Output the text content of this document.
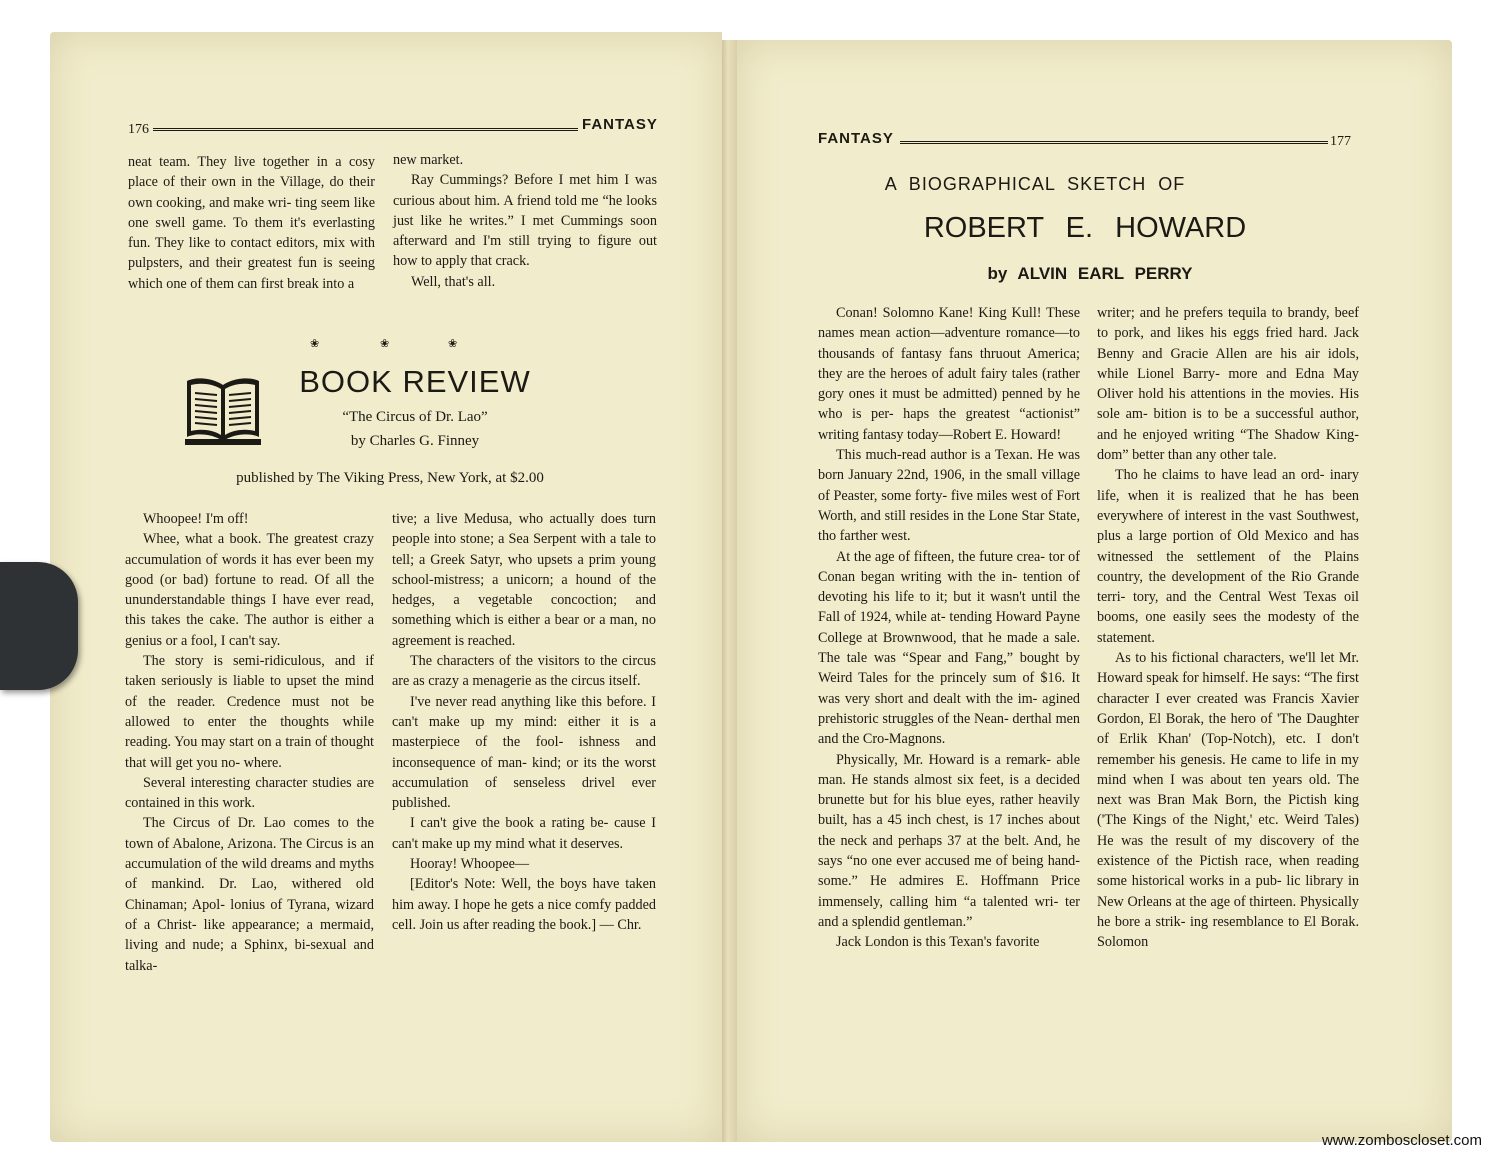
176	FANTASY

neat team. They live together in a cosy place of their own in the Village, do their own cooking, and make wri- ting seem like one swell game. To them it's everlasting fun. They like to contact editors, mix with pulpsters, and their greatest fun is seeing which one of them can first break into a

new market.

Ray Cummings? Before I met him I was curious about him. A friend told me “he looks just like he writes.” I met Cummings soon afterward and I'm still trying to figure out how to apply that crack.

Well, that's all.

❀	❀	❀
BOOK REVIEW
“The Circus of Dr. Lao”
by Charles G. Finney
published by The Viking Press, New York, at $2.00

Whoopee! I'm off!

Whee, what a book. The greatest crazy accumulation of words it has ever been my good (or bad) fortune to read. Of all the ununderstandable things I have ever read, this takes the cake. The author is either a genius or a fool, I can't say.

The story is semi-ridiculous, and if taken seriously is liable to upset the mind of the reader. Credence must not be allowed to enter the thoughts while reading. You may start on a train of thought that will get you no- where.

Several interesting character studies are contained in this work.

The Circus of Dr. Lao comes to the town of Abalone, Arizona. The Circus is an accumulation of the wild dreams and myths of mankind. Dr. Lao, withered old Chinaman; Apol- lonius of Tyrana, wizard of a Christ- like appearance; a mermaid, living and nude; a Sphinx, bi-sexual and talka-

tive; a live Medusa, who actually does turn people into stone; a Sea Serpent with a tale to tell; a Greek Satyr, who upsets a prim young school-mistress; a unicorn; a hound of the hedges, a vegetable concoction; and something which is either a bear or a man, no agreement is reached.

The characters of the visitors to the circus are as crazy a menagerie as the circus itself.

I've never read anything like this before. I can't make up my mind: either it is a masterpiece of the fool- ishness and inconsequence of man- kind; or its the worst accumulation of senseless drivel ever published.

I can't give the book a rating be- cause I can't make up my mind what it deserves.

Hooray! Whoopee—

[Editor's Note: Well, the boys have taken him away. I hope he gets a nice comfy padded cell. Join us after reading the book.] — Chr.

FANTASY	177
A BIOGRAPHICAL SKETCH OF
ROBERT E. HOWARD
by ALVIN EARL PERRY

Conan! Solomno Kane! King Kull! These names mean action—adventure romance—to thousands of fantasy fans thruout America; they are the heroes of adult fairy tales (rather gory ones it must be admitted) penned by he who is per- haps the greatest “actionist” writing fantasy today—Robert E. Howard!

This much-read author is a Texan. He was born January 22nd, 1906, in the small village of Peaster, some forty- five miles west of Fort Worth, and still resides in the Lone Star State, tho farther west.

At the age of fifteen, the future crea- tor of Conan began writing with the in- tention of devoting his life to it; but it wasn't until the Fall of 1924, while at- tending Howard Payne College at Brownwood, that he made a sale. The tale was “Spear and Fang,” bought by Weird Tales for the princely sum of $16. It was very short and dealt with the im- agined prehistoric struggles of the Nean- derthal men and the Cro-Magnons.

Physically, Mr. Howard is a remark- able man. He stands almost six feet, is a decided brunette but for his blue eyes, rather heavily built, has a 45 inch chest, is 17 inches about the neck and perhaps 37 at the belt. And, he says “no one ever accused me of being hand- some.” He admires E. Hoffmann Price immensely, calling him “a talented wri- ter and a splendid gentleman.”

Jack London is this Texan's favorite

writer; and he prefers tequila to brandy, beef to pork, and likes his eggs fried hard. Jack Benny and Gracie Allen are his air idols, while Lionel Barry- more and Edna May Oliver hold his attentions in the movies. His sole am- bition is to be a successful author, and he enjoyed writing “The Shadow King- dom” better than any other tale.

Tho he claims to have lead an ord- inary life, when it is realized that he has been everywhere of interest in the vast Southwest, plus a large portion of Old Mexico and has witnessed the settlement of the Plains country, the development of the Rio Grande terri- tory, and the Central West Texas oil booms, one easily sees the modesty of the statement.

As to his fictional characters, we'll let Mr. Howard speak for himself. He says: “The first character I ever created was Francis Xavier Gordon, El Borak, the hero of 'The Daughter of Erlik Khan' (Top-Notch), etc. I don't remember his genesis. He came to life in my mind when I was about ten years old. The next was Bran Mak Born, the Pictish king ('The Kings of the Night,' etc. Weird Tales) He was the result of my discovery of the existence of the Pictish race, when reading some historical works in a pub- lic library in New Orleans at the age of thirteen. Physically he bore a strik- ing resemblance to El Borak. Solomon

www.zomboscloset.com
